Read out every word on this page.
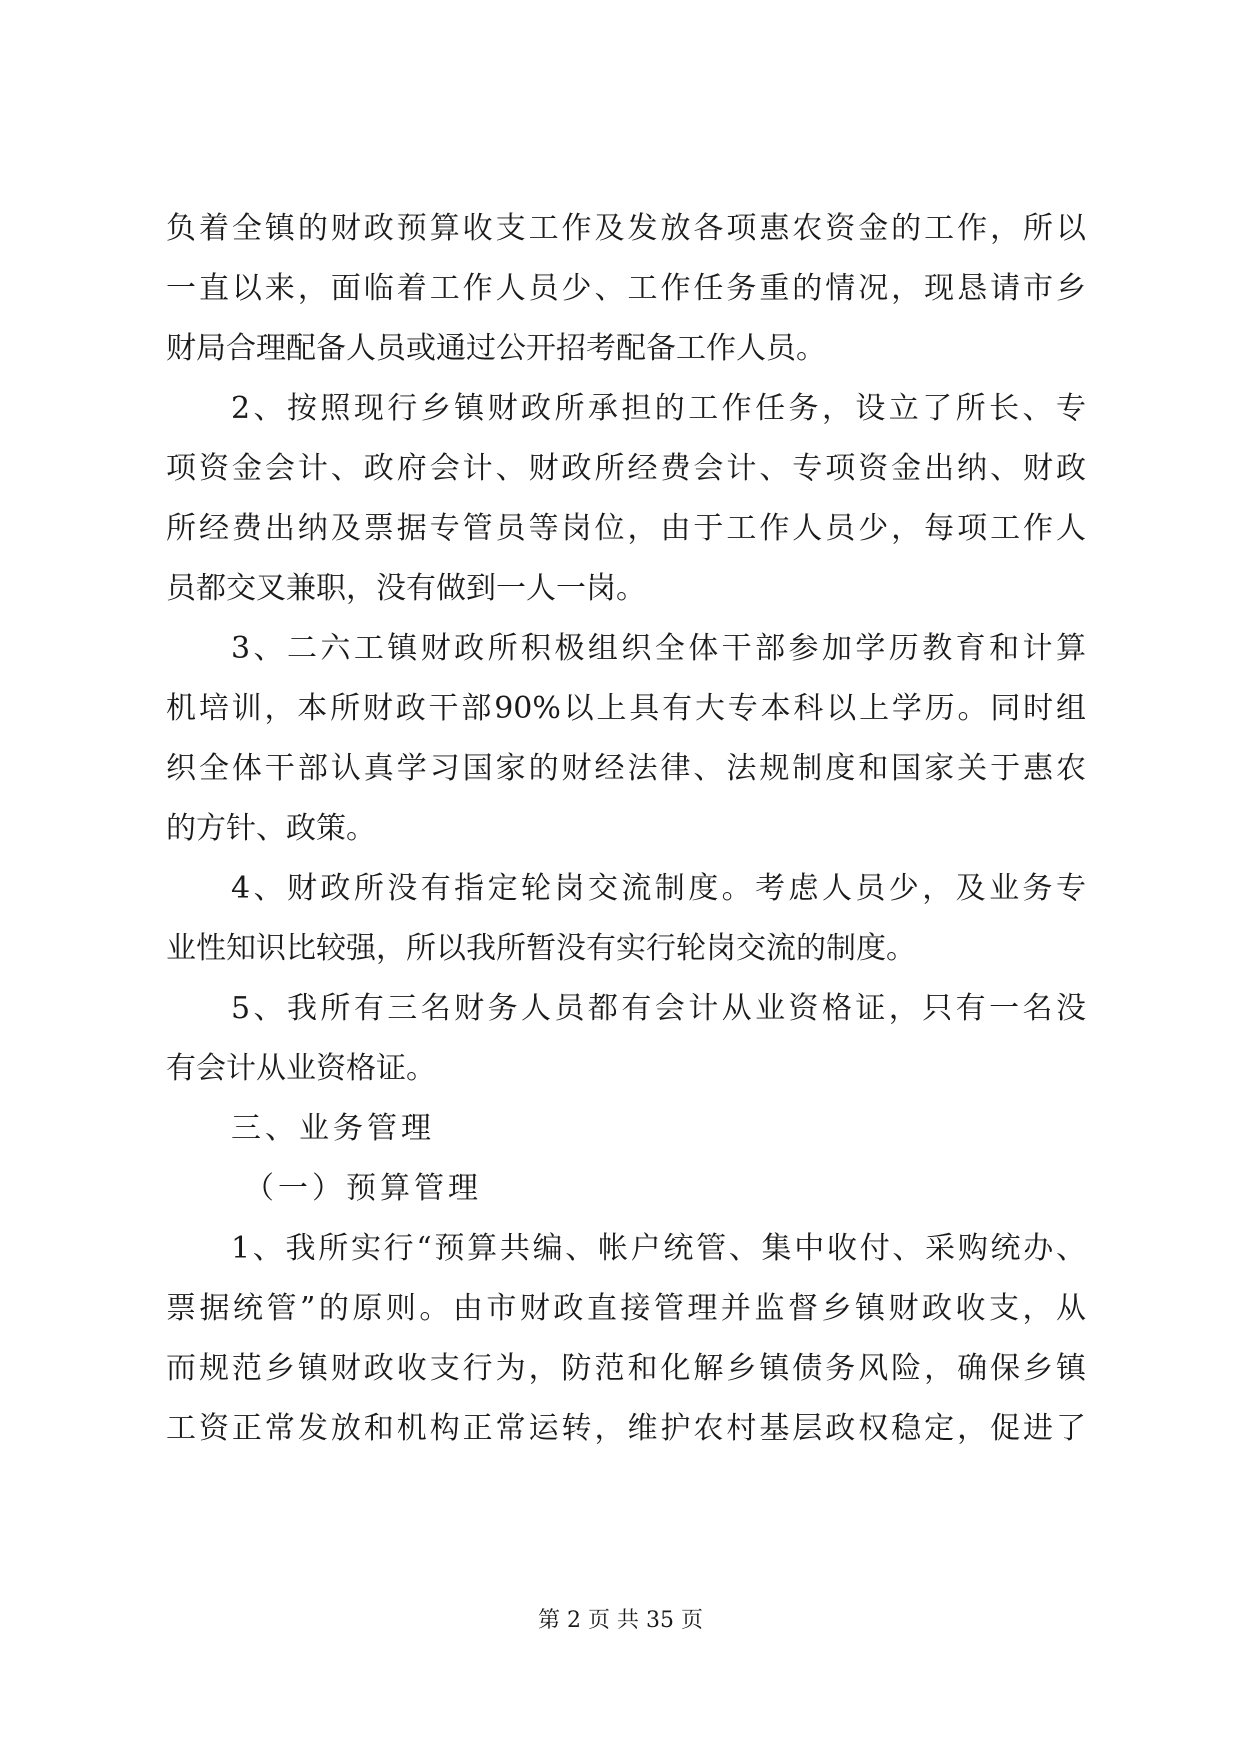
负着全镇的财政预算收支工作及发放各项惠农资金的工作，所以
一直以来，面临着工作人员少、工作任务重的情况，现恳请市乡
财局合理配备人员或通过公开招考配备工作人员。
2、按照现行乡镇财政所承担的工作任务，设立了所长、专
项资金会计、政府会计、财政所经费会计、专项资金出纳、财政
所经费出纳及票据专管员等岗位，由于工作人员少，每项工作人
员都交叉兼职，没有做到一人一岗。
3、二六工镇财政所积极组织全体干部参加学历教育和计算
机培训，本所财政干部90%以上具有大专本科以上学历。同时组
织全体干部认真学习国家的财经法律、法规制度和国家关于惠农
的方针、政策。
4、财政所没有指定轮岗交流制度。考虑人员少，及业务专
业性知识比较强，所以我所暂没有实行轮岗交流的制度。
5、我所有三名财务人员都有会计从业资格证，只有一名没
有会计从业资格证。
三、业务管理
（一）预算管理
1、我所实行“预算共编、帐户统管、集中收付、采购统办、
票据统管”的原则。由市财政直接管理并监督乡镇财政收支，从
而规范乡镇财政收支行为，防范和化解乡镇债务风险，确保乡镇
工资正常发放和机构正常运转，维护农村基层政权稳定，促进了
第 2 页 共 35 页
